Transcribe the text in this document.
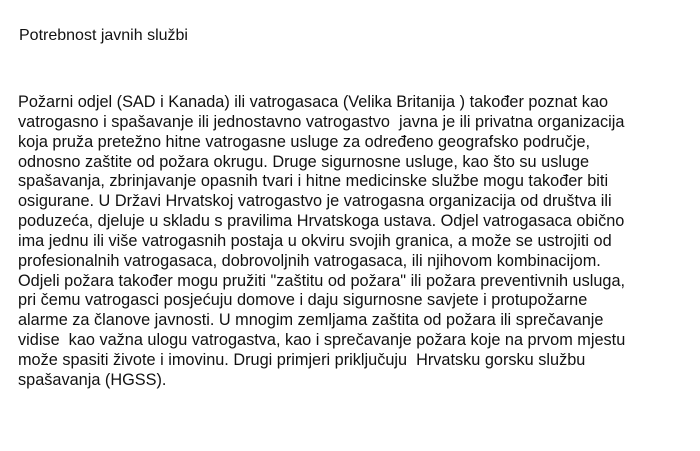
Potrebnost javnih službi
Požarni odjel (SAD i Kanada) ili vatrogasaca (Velika Britanija ) također poznat kao
vatrogasno i spašavanje ili jednostavno vatrogastvo  javna je ili privatna organizacija
koja pruža pretežno hitne vatrogasne usluge za određeno geografsko područje,
odnosno zaštite od požara okrugu. Druge sigurnosne usluge, kao što su usluge
spašavanja, zbrinjavanje opasnih tvari i hitne medicinske službe mogu također biti
osigurane. U Državi Hrvatskoj vatrogastvo je vatrogasna organizacija od društva ili
poduzeća, djeluje u skladu s pravilima Hrvatskoga ustava. Odjel vatrogasaca obično
ima jednu ili više vatrogasnih postaja u okviru svojih granica, a može se ustrojiti od
profesionalnih vatrogasaca, dobrovoljnih vatrogasaca, ili njihovom kombinacijom.
Odjeli požara također mogu pružiti "zaštitu od požara" ili požara preventivnih usluga,
pri čemu vatrogasci posjećuju domove i daju sigurnosne savjete i protupožarne
alarme za članove javnosti. U mnogim zemljama zaštita od požara ili sprečavanje
vidise  kao važna ulogu vatrogastva, kao i sprečavanje požara koje na prvom mjestu
može spasiti živote i imovinu. Drugi primjeri priključuju  Hrvatsku gorsku službu
spašavanja (HGSS).
